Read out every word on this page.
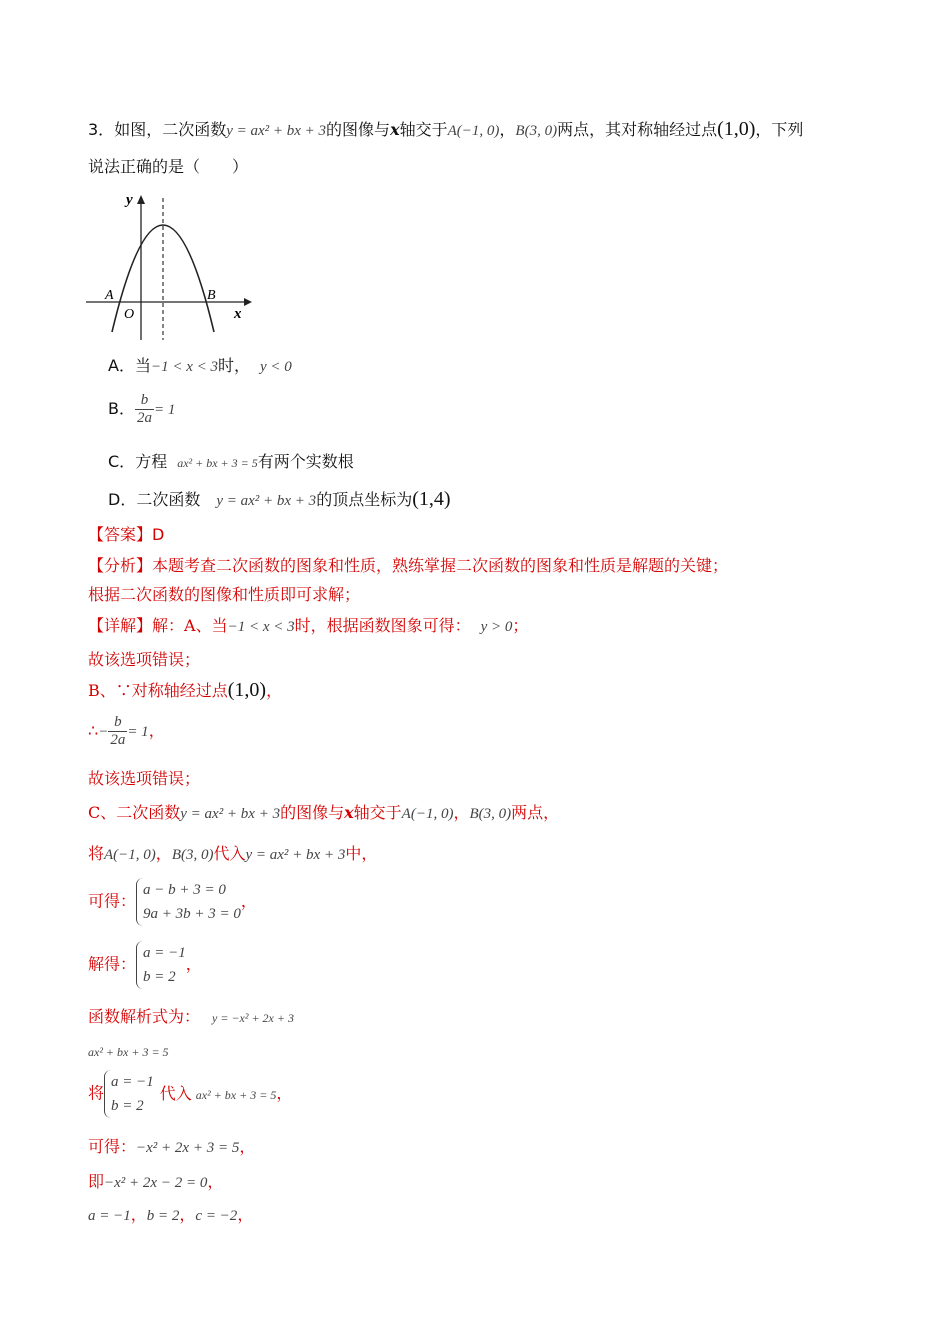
3．如图，二次函数y = ax² + bx + 3的图像与x轴交于A(−1, 0)，B(3, 0)两点，其对称轴经过点(1,0)，下列
说法正确的是（　　）
y
x
A	B
O
A．当−1 < x < 3时， y < 0
B． $\frac{b}{2a} = 1$
C．方程 ax² + bx + 3 = 5有两个实数根
D．二次函数 y = ax² + bx + 3的顶点坐标为(1,4)
【答案】D
【分析】本题考查二次函数的图象和性质，熟练掌握二次函数的图象和性质是解题的关键；
根据二次函数的图像和性质即可求解；
【详解】解：A、当−1 < x < 3时，根据函数图象可得： y > 0；
故该选项错误；
B、∵对称轴经过点(1,0)，
∴− $\frac{b}{2a} = 1$，
故该选项错误；
C、二次函数y = ax² + bx + 3的图像与x轴交于A(−1, 0)，B(3, 0)两点，
将A(−1, 0)，B(3, 0)代入y = ax² + bx + 3中，
可得：
a − b + 3 = 0
9a + 3b + 3 = 0
，
解得：
a = −1
b = 2
，
函数解析式为： y = −x² + 2x + 3
ax² + bx + 3 = 5
将
a = −1
b = 2
代入 ax² + bx + 3 = 5，
可得：−x² + 2x + 3 = 5，
即−x² + 2x − 2 = 0，
a = −1，b = 2，c = −2，
